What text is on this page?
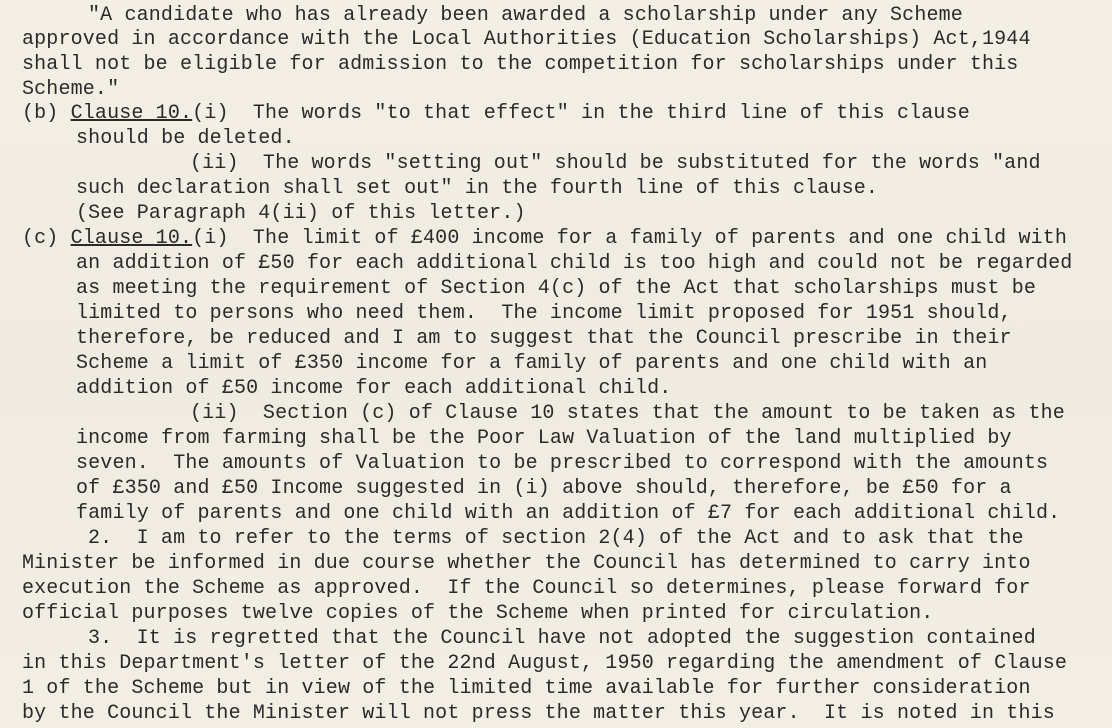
"A candidate who has already been awarded a scholarship under any Scheme
approved in accordance with the Local Authorities (Education Scholarships) Act,1944
shall not be eligible for admission to the competition for scholarships under this
Scheme."
(b) Clause 10.(i)  The words "to that effect" in the third line of this clause
should be deleted.
(ii)  The words "setting out" should be substituted for the words "and
such declaration shall set out" in the fourth line of this clause.
(See Paragraph 4(ii) of this letter.)
(c) Clause 10.(i)  The limit of £400 income for a family of parents and one child with
an addition of £50 for each additional child is too high and could not be regarded
as meeting the requirement of Section 4(c) of the Act that scholarships must be
limited to persons who need them.  The income limit proposed for 1951 should,
therefore, be reduced and I am to suggest that the Council prescribe in their
Scheme a limit of £350 income for a family of parents and one child with an
addition of £50 income for each additional child.
(ii)  Section (c) of Clause 10 states that the amount to be taken as the
income from farming shall be the Poor Law Valuation of the land multiplied by
seven.  The amounts of Valuation to be prescribed to correspond with the amounts
of £350 and £50 Income suggested in (i) above should, therefore, be £50 for a
family of parents and one child with an addition of £7 for each additional child.
2.  I am to refer to the terms of section 2(4) of the Act and to ask that the
Minister be informed in due course whether the Council has determined to carry into
execution the Scheme as approved.  If the Council so determines, please forward for
official purposes twelve copies of the Scheme when printed for circulation.
3.  It is regretted that the Council have not adopted the suggestion contained
in this Department's letter of the 22nd August, 1950 regarding the amendment of Clause
1 of the Scheme but in view of the limited time available for further consideration
by the Council the Minister will not press the matter this year.  It is noted in this
